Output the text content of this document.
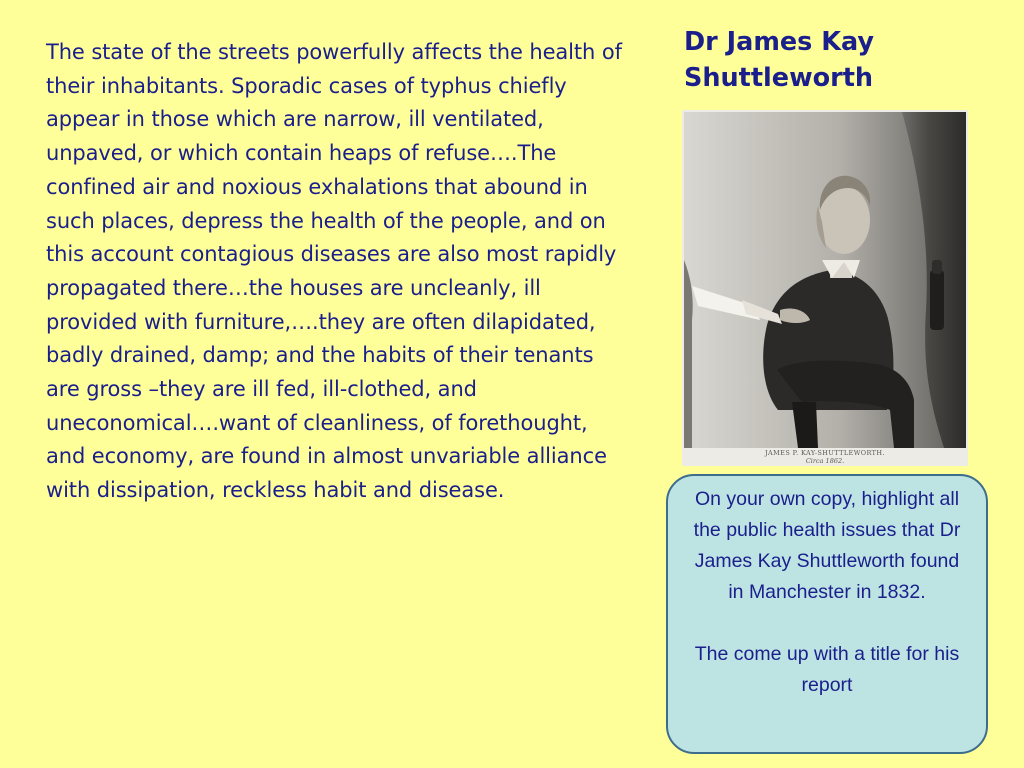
The state of the streets powerfully affects the health of their inhabitants. Sporadic cases of typhus chiefly appear in those which are narrow, ill ventilated, unpaved, or which contain heaps of refuse….The confined air and noxious exhalations that abound in such places, depress the health of the people, and on this account contagious diseases are also most rapidly propagated there…the houses are uncleanly, ill provided with furniture,….they are often dilapidated, badly drained, damp; and the habits of their tenants are gross –they are ill fed, ill-clothed, and uneconomical….want of cleanliness, of forethought, and economy, are found in almost unvariable alliance with dissipation, reckless habit and disease.

Dr James Kay Shuttleworth
JAMES P. KAY-SHUTTLEWORTH.
Circa 1862.

On your own copy, highlight all the public health issues that Dr James Kay Shuttleworth found in Manchester in 1832.

The come up with a title for his report
